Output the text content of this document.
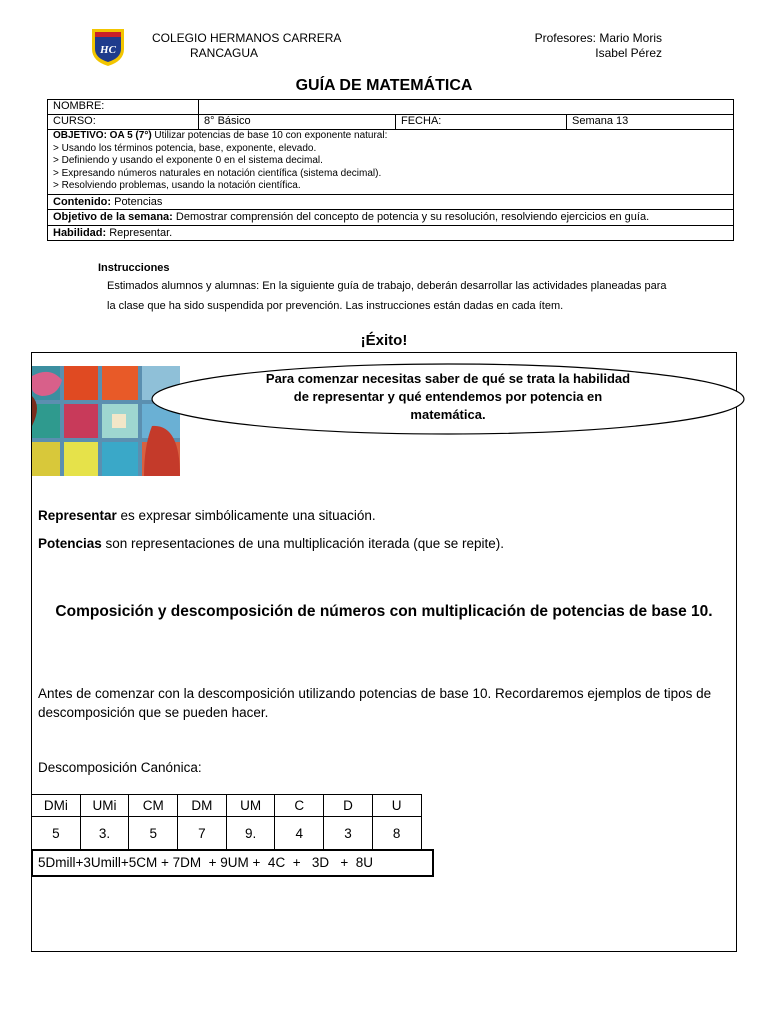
HC
COLEGIO HERMANOS CARRERA
RANCAGUA
Profesores: Mario Moris
Isabel Pérez
GUÍA DE MATEMÁTICA
NOMBRE:			
CURSO:	8° Básico	FECHA:	Semana 13
OBJETIVO: OA 5 (7°) Utilizar potencias de base 10 con exponente natural:
> Usando los términos potencia, base, exponente, elevado.
> Definiendo y usando el exponente 0 en el sistema decimal.
> Expresando números naturales en notación científica (sistema decimal).
> Resolviendo problemas, usando la notación científica.			

Contenido: Potencias			
Objetivo de la semana: Demostrar comprensión del concepto de potencia y su resolución, resolviendo ejercicios en guía.			
Habilidad: Representar.			
Instrucciones
Estimados alumnos y alumnas: En la siguiente guía de trabajo, deberán desarrollar las actividades planeadas para la clase que ha sido suspendida por prevención. Las instrucciones están dadas en cada ítem.
¡Éxito!
Para comenzar necesitas saber de qué se trata la habilidad de representar y qué entendemos por potencia en matemática.
Representar es expresar simbólicamente una situación.
Potencias son representaciones de una multiplicación iterada (que se repite).
Composición y descomposición de números con multiplicación de potencias de base 10.
Antes de comenzar con la descomposición utilizando potencias de base 10. Recordaremos ejemplos de tipos de descomposición que se pueden hacer.
Descomposición Canónica:
DMi	UMi	CM	DM	UM	C	D	U
5	3.	5	7	9.	4	3	8
5Dmill+3Umill+5CM + 7DM  + 9UM +  4C  +   3D   +  8U
